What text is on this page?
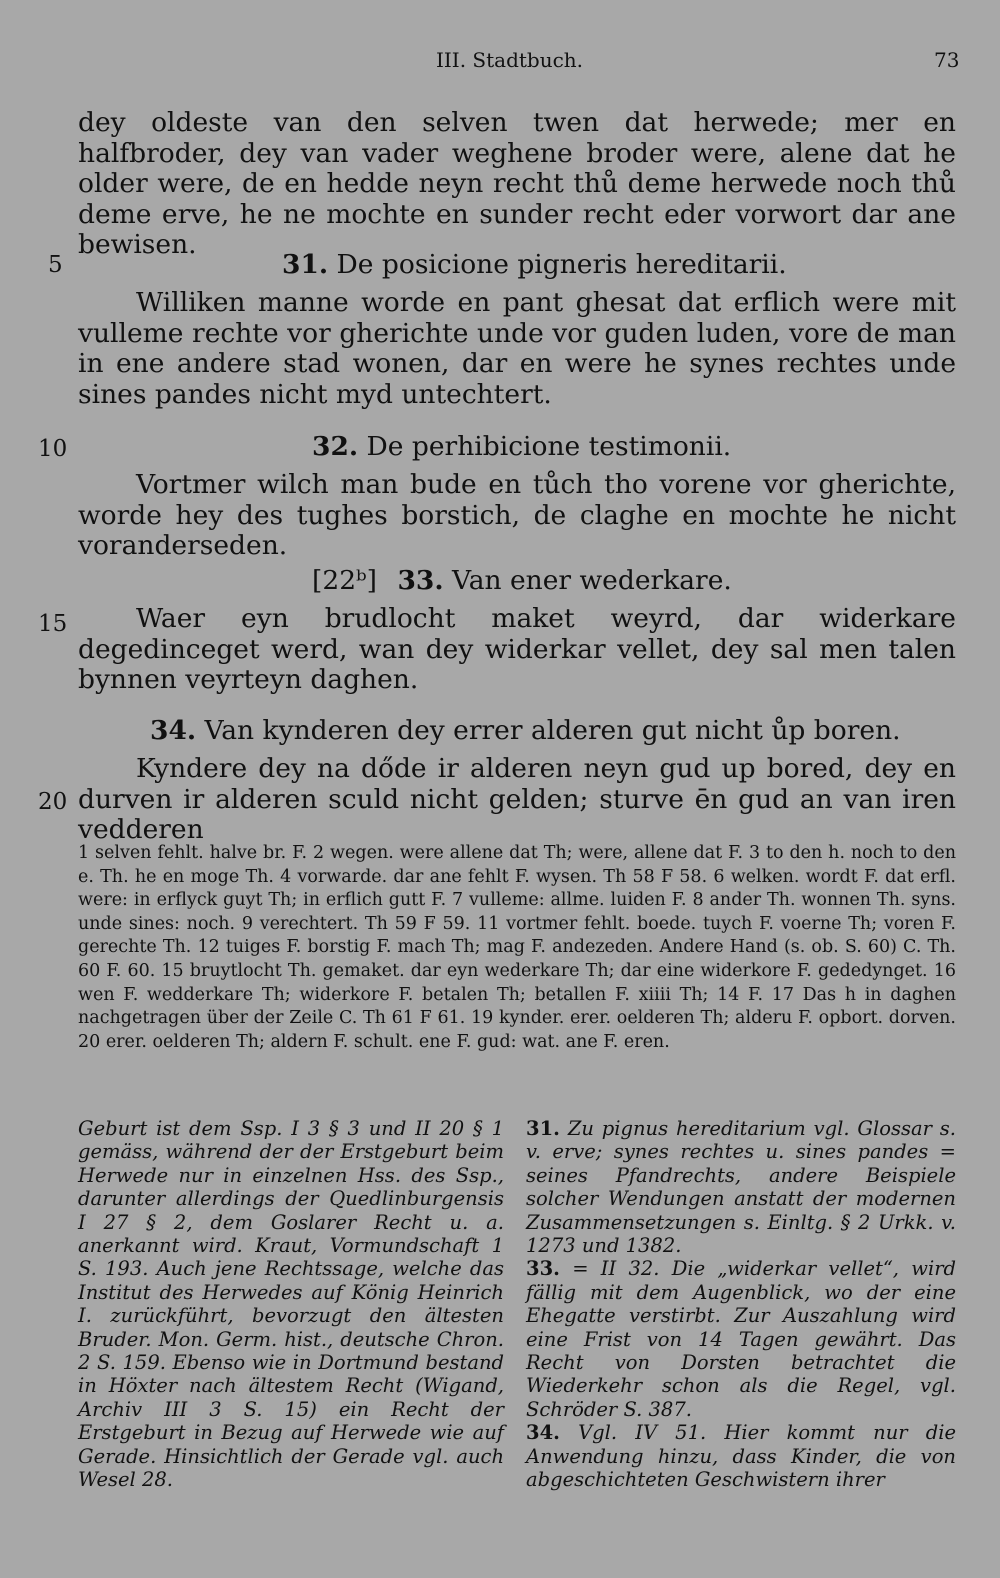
III. Stadtbuch.	73
5
10
15
20

dey oldeste van den selven twen dat herwede; mer en halfbroder, dey van vader weghene broder were, alene dat he older were, de en hedde neyn recht thů deme herwede noch thů deme erve, he ne mochte en sunder recht eder vorwort dar ane bewisen.

31. De posicione pigneris hereditarii.

Williken manne worde en pant ghesat dat erflich were mit vulleme rechte vor gherichte unde vor guden luden, vore de man in ene andere stad wonen, dar en were he synes rechtes unde sines pandes nicht myd untechtert.

32. De perhibicione testimonii.

Vortmer wilch man bude en tůch tho vorene vor gherichte, worde hey des tughes borstich, de claghe en mochte he nicht voranderseden.

[22ᵇ] 33. Van ener wederkare.

Waer eyn brudlocht maket weyrd, dar widerkare degedinceget werd, wan dey widerkar vellet, dey sal men talen bynnen veyrteyn daghen.

34. Van kynderen dey errer alderen gut nicht ůp boren.

Kyndere dey na dőde ir alderen neyn gud up bored, dey en durven ir alderen sculd nicht gelden; sturve ēn gud an van iren vedderen

1 selven fehlt. halve br. F. 2 wegen. were allene dat Th; were, allene dat F. 3 to den h. noch to den e. Th. he en moge Th. 4 vorwarde. dar ane fehlt F. wysen. Th 58 F 58. 6 welken. wordt F. dat erfl. were: in erflyck guyt Th; in erflich gutt F. 7 vulleme: allme. luiden F. 8 ander Th. wonnen Th. syns. unde sines: noch. 9 verechtert. Th 59 F 59. 11 vortmer fehlt. boede. tuych F. voerne Th; voren F. gerechte Th. 12 tuiges F. borstig F. mach Th; mag F. andezeden. Andere Hand (s. ob. S. 60) C. Th. 60 F. 60. 15 bruytlocht Th. gemaket. dar eyn wederkare Th; dar eine widerkore F. gededynget. 16 wen F. wedderkare Th; widerkore F. betalen Th; betallen F. xiiii Th; 14 F. 17 Das h in daghen nachgetragen über der Zeile C. Th 61 F 61. 19 kynder. erer. oelderen Th; alderu F. opbort. dorven. 20 erer. oelderen Th; aldern F. schult. ene F. gud: wat. ane F. eren.

Geburt ist dem Ssp. I 3 § 3 und II 20 § 1 gemäss, während der der Erstgeburt beim Herwede nur in einzelnen Hss. des Ssp., darunter allerdings der Quedlinburgensis I 27 § 2, dem Goslarer Recht u. a. anerkannt wird. Kraut, Vormundschaft 1 S. 193. Auch jene Rechtssage, welche das Institut des Herwedes auf König Heinrich I. zurückführt, bevorzugt den ältesten Bruder. Mon. Germ. hist., deutsche Chron. 2 S. 159. Ebenso wie in Dortmund bestand in Höxter nach ältestem Recht (Wigand, Archiv III 3 S. 15) ein Recht der Erstgeburt in Bezug auf Herwede wie auf Gerade. Hinsichtlich der Gerade vgl. auch Wesel 28.

31. Zu pignus hereditarium vgl. Glossar s. v. erve; synes rechtes u. sines pandes = seines Pfandrechts, andere Beispiele solcher Wendungen anstatt der modernen Zusammensetzungen s. Einltg. § 2 Urkk. v. 1273 und 1382.

33. = II 32. Die „widerkar vellet“, wird fällig mit dem Augenblick, wo der eine Ehegatte verstirbt. Zur Auszahlung wird eine Frist von 14 Tagen gewährt. Das Recht von Dorsten betrachtet die Wiederkehr schon als die Regel, vgl. Schröder S. 387.

34. Vgl. IV 51. Hier kommt nur die Anwendung hinzu, dass Kinder, die von abgeschichteten Geschwistern ihrer
